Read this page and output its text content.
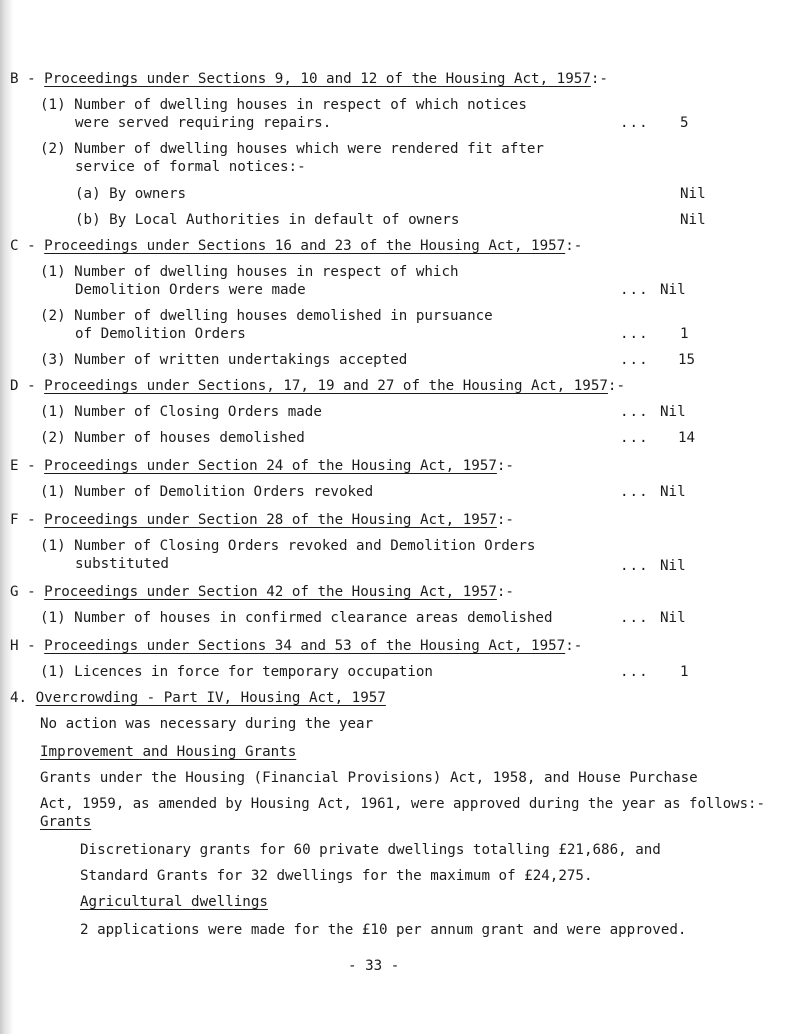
B - Proceedings under Sections 9, 10 and 12 of the Housing Act, 1957:-
(1) Number of dwelling houses in respect of which notices
were served requiring repairs.	... 5
(2) Number of dwelling houses which were rendered fit after
service of formal notices:-
(a) By owners	Nil
(b) By Local Authorities in default of owners	Nil
C - Proceedings under Sections 16 and 23 of the Housing Act, 1957:-
(1) Number of dwelling houses in respect of which
Demolition Orders were made	... Nil
(2) Number of dwelling houses demolished in pursuance
of Demolition Orders	... 1
(3) Number of written undertakings accepted	... 15
D - Proceedings under Sections, 17, 19 and 27 of the Housing Act, 1957:-
(1) Number of Closing Orders made	... Nil
(2) Number of houses demolished	... 14
E - Proceedings under Section 24 of the Housing Act, 1957:-
(1) Number of Demolition Orders revoked	... Nil
F - Proceedings under Section 28 of the Housing Act, 1957:-
(1) Number of Closing Orders revoked and Demolition Orders
substituted	... Nil
G - Proceedings under Section 42 of the Housing Act, 1957:-
(1) Number of houses in confirmed clearance areas demolished	... Nil
H - Proceedings under Sections 34 and 53 of the Housing Act, 1957:-
(1) Licences in force for temporary occupation	... 1
4. Overcrowding - Part IV, Housing Act, 1957
No action was necessary during the year
Improvement and Housing Grants
Grants under the Housing (Financial Provisions) Act, 1958, and House Purchase
Act, 1959, as amended by Housing Act, 1961, were approved during the year as follows:-
Grants
Discretionary grants for 60 private dwellings totalling £21,686, and
Standard Grants for 32 dwellings for the maximum of £24,275.
Agricultural dwellings
2 applications were made for the £10 per annum grant and were approved.
- 33 -
